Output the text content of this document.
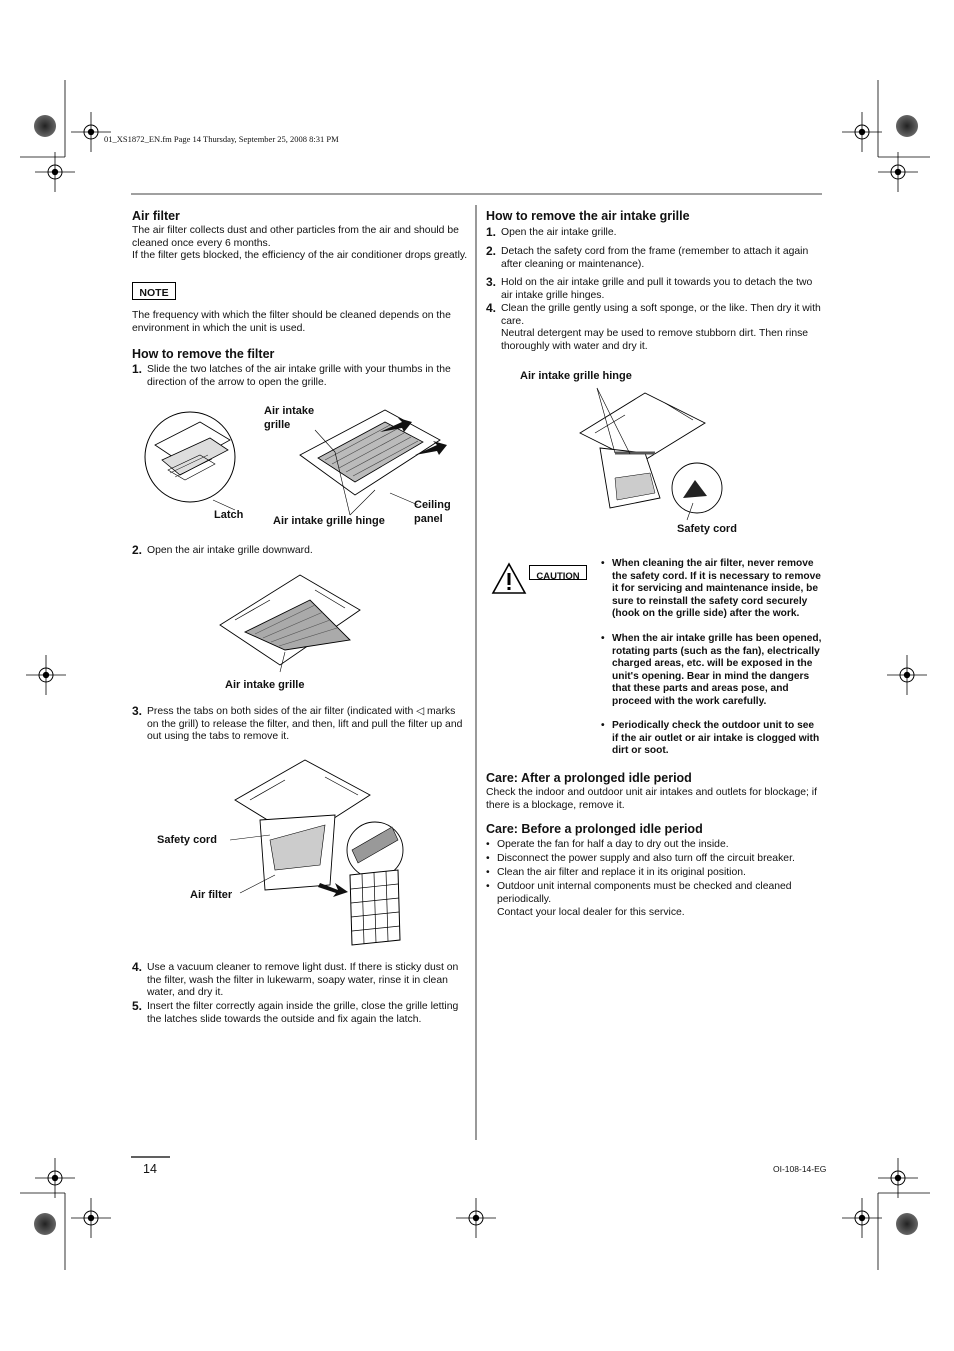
01_XS1872_EN.fm Page 14 Thursday, September 25, 2008 8:31 PM
Air filter
The air filter collects dust and other particles from the air and should be cleaned once every 6 months.
If the filter gets blocked, the efficiency of the air conditioner drops greatly.
NOTE
The frequency with which the filter should be cleaned depends on the environment in which the unit is used.
How to remove the filter
1. Slide the two latches of the air intake grille with your thumbs in the direction of the arrow to open the grille.
Air intake grille
Latch	Air intake grille hinge
Ceiling panel
2. Open the air intake grille downward.
Air intake grille
3. Press the tabs on both sides of the air filter (indicated with ◁ marks on the grill) to release the filter, and then, lift and pull the filter up and out using the tabs to remove it.
Safety cord
Air filter
4. Use a vacuum cleaner to remove light dust. If there is sticky dust on the filter, wash the filter in lukewarm, soapy water, rinse it in clean water, and dry it.
5. Insert the filter correctly again inside the grille, close the grille letting the latches slide towards the outside and fix again the latch.
How to remove the air intake grille
1. Open the air intake grille.
2. Detach the safety cord from the frame (remember to attach it again after cleaning or maintenance).
3. Hold on the air intake grille and pull it towards you to detach the two air intake grille hinges.
4. Clean the grille gently using a soft sponge, or the like. Then dry it with care.
Neutral detergent may be used to remove stubborn dirt. Then rinse thoroughly with water and dry it.
Air intake grille hinge
Safety cord
CAUTION
• When cleaning the air filter, never remove the safety cord. If it is necessary to remove it for servicing and maintenance inside, be sure to reinstall the safety cord securely (hook on the grille side) after the work.
• When the air intake grille has been opened, rotating parts (such as the fan), electrically charged areas, etc. will be exposed in the unit's opening. Bear in mind the dangers that these parts and areas pose, and proceed with the work carefully.
• Periodically check the outdoor unit to see if the air outlet or air intake is clogged with dirt or soot.
Care: After a prolonged idle period
Check the indoor and outdoor unit air intakes and outlets for blockage; if there is a blockage, remove it.
Care: Before a prolonged idle period
• Operate the fan for half a day to dry out the inside.
• Disconnect the power supply and also turn off the circuit breaker.
• Clean the air filter and replace it in its original position.
• Outdoor unit internal components must be checked and cleaned periodically.
Contact your local dealer for this service.
14	OI-108-14-EG
